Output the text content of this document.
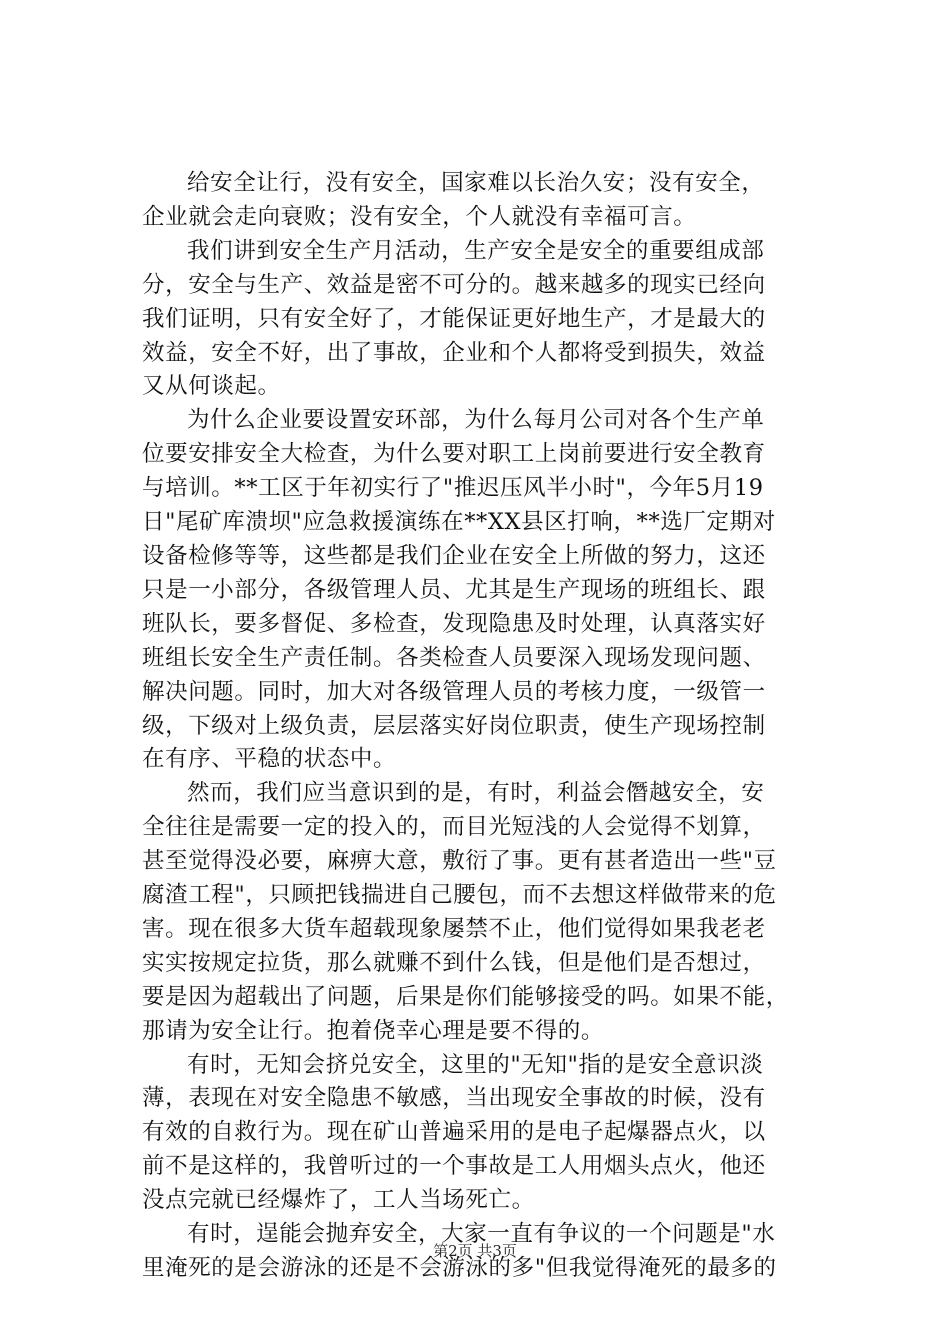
给安全让行，没有安全，国家难以长治久安；没有安全，
企业就会走向衰败；没有安全，个人就没有幸福可言。

我们讲到安全生产月活动，生产安全是安全的重要组成部
分，安全与生产、效益是密不可分的。越来越多的现实已经向
我们证明，只有安全好了，才能保证更好地生产，才是最大的
效益，安全不好，出了事故，企业和个人都将受到损失，效益
又从何谈起。

为什么企业要设置安环部，为什么每月公司对各个生产单
位要安排安全大检查，为什么要对职工上岗前要进行安全教育
与培训。**工区于年初实行了"推迟压风半小时"，今年5月19
日"尾矿库溃坝"应急救援演练在**XX县区打响，**选厂定期对
设备检修等等，这些都是我们企业在安全上所做的努力，这还
只是一小部分，各级管理人员、尤其是生产现场的班组长、跟
班队长，要多督促、多检查，发现隐患及时处理，认真落实好
班组长安全生产责任制。各类检查人员要深入现场发现问题、
解决问题。同时，加大对各级管理人员的考核力度，一级管一
级，下级对上级负责，层层落实好岗位职责，使生产现场控制
在有序、平稳的状态中。

然而，我们应当意识到的是，有时，利益会僭越安全，安
全往往是需要一定的投入的，而目光短浅的人会觉得不划算，
甚至觉得没必要，麻痹大意，敷衍了事。更有甚者造出一些"豆
腐渣工程"，只顾把钱揣进自己腰包，而不去想这样做带来的危
害。现在很多大货车超载现象屡禁不止，他们觉得如果我老老
实实按规定拉货，那么就赚不到什么钱，但是他们是否想过，
要是因为超载出了问题，后果是你们能够接受的吗。如果不能，
那请为安全让行。抱着侥幸心理是要不得的。

有时，无知会挤兑安全，这里的"无知"指的是安全意识淡
薄，表现在对安全隐患不敏感，当出现安全事故的时候，没有
有效的自救行为。现在矿山普遍采用的是电子起爆器点火，以
前不是这样的，我曾听过的一个事故是工人用烟头点火，他还
没点完就已经爆炸了，工人当场死亡。

有时，逞能会抛弃安全，大家一直有争议的一个问题是"水
里淹死的是会游泳的还是不会游泳的多"但我觉得淹死的最多的

第2页 共3页
